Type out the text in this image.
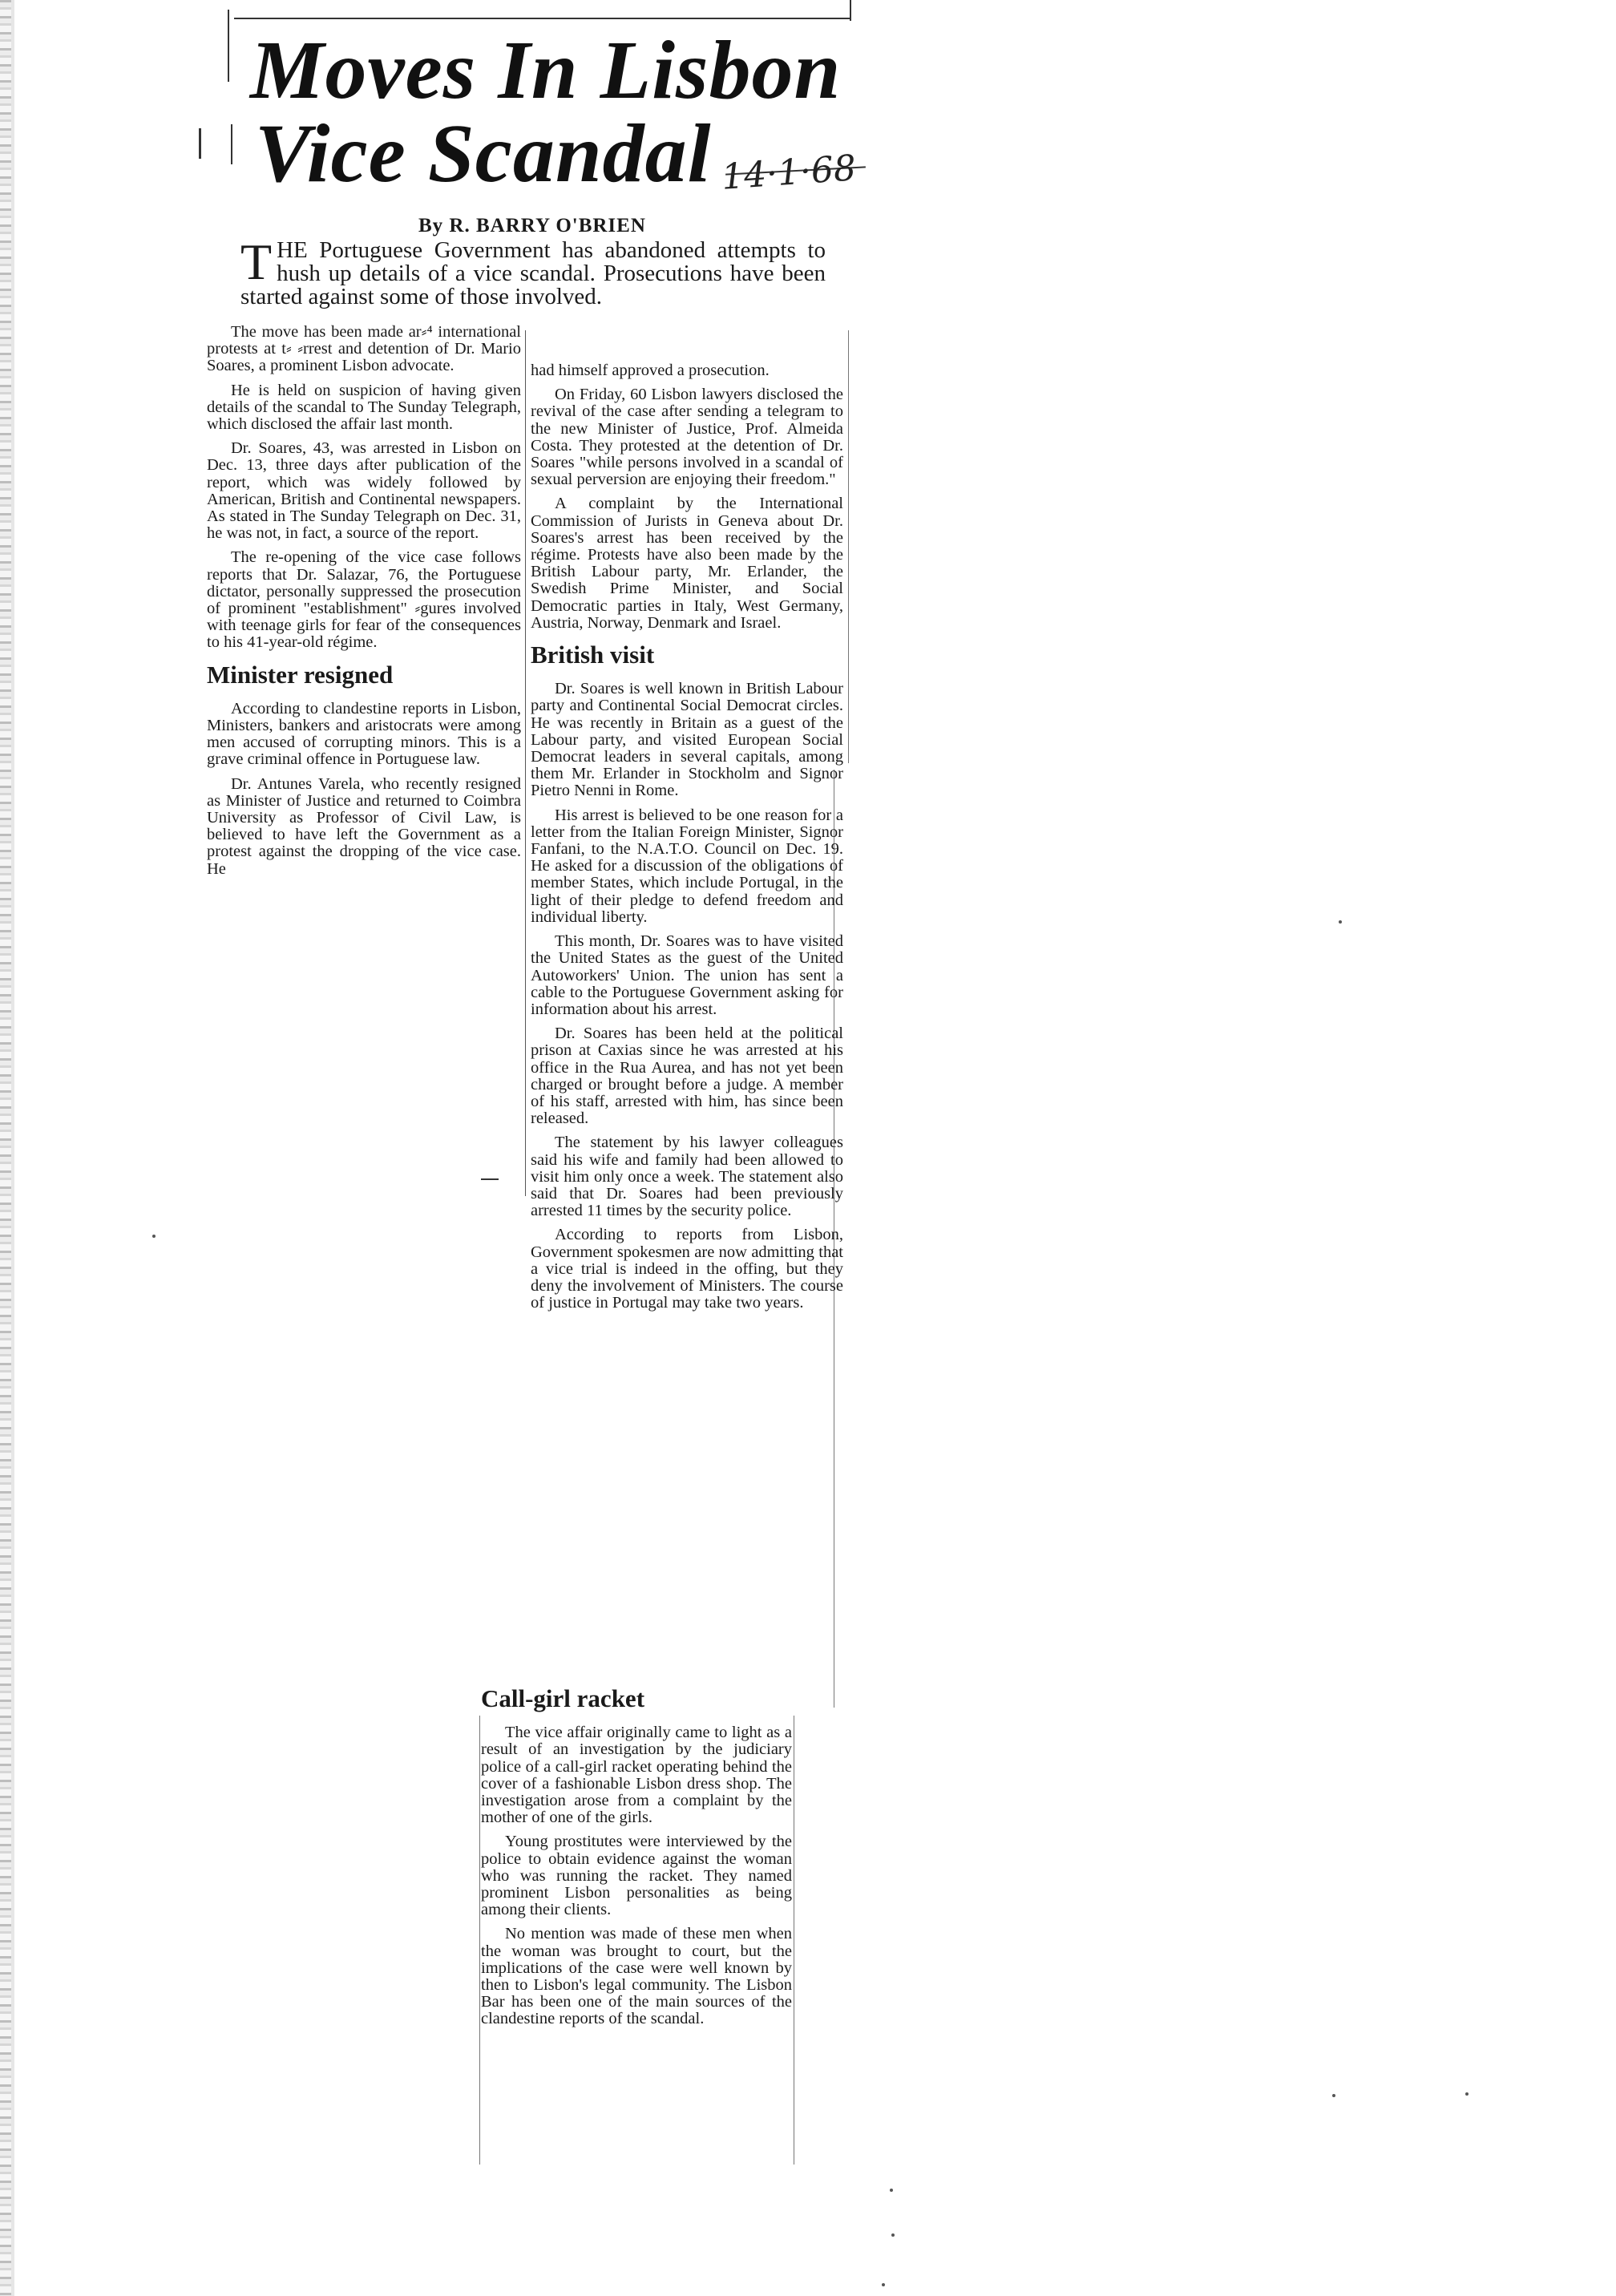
Moves In Lisbon
Vice Scandal 14·1·68
By R. BARRY O'BRIEN
THE Portuguese Government has abandoned attempts to hush up details of a vice scandal. Prosecutions have been started against some of those involved.

The move has been made ar⸗⁴ international protests at t⸗ ⸗rrest and detention of Dr. Mario Soares, a prominent Lisbon advocate.

He is held on suspicion of having given details of the scandal to The Sunday Telegraph, which disclosed the affair last month.

Dr. Soares, 43, was arrested in Lisbon on Dec. 13, three days after publication of the report, which was widely followed by American, British and Continental newspapers. As stated in The Sunday Telegraph on Dec. 31, he was not, in fact, a source of the report.

The re-opening of the vice case follows reports that Dr. Salazar, 76, the Portuguese dictator, personally suppressed the prosecution of prominent "establishment" ⸗gures involved with teenage girls for fear of the consequences to his 41-year-old régime.

Minister resigned

According to clandestine reports in Lisbon, Ministers, bankers and aristocrats were among men accused of corrupting minors. This is a grave criminal offence in Portuguese law.

Dr. Antunes Varela, who recently resigned as Minister of Justice and returned to Coimbra University as Professor of Civil Law, is believed to have left the Government as a protest against the dropping of the vice case. He

had himself approved a prosecution.

On Friday, 60 Lisbon lawyers disclosed the revival of the case after sending a telegram to the new Minister of Justice, Prof. Almeida Costa. They protested at the detention of Dr. Soares "while persons involved in a scandal of sexual perversion are enjoying their freedom."

A complaint by the International Commission of Jurists in Geneva about Dr. Soares's arrest has been received by the régime. Protests have also been made by the British Labour party, Mr. Erlander, the Swedish Prime Minister, and Social Democratic parties in Italy, West Germany, Austria, Norway, Denmark and Israel.

British visit

Dr. Soares is well known in British Labour party and Continental Social Democrat circles. He was recently in Britain as a guest of the Labour party, and visited European Social Democrat leaders in several capitals, among them Mr. Erlander in Stockholm and Signor Pietro Nenni in Rome.

His arrest is believed to be one reason for a letter from the Italian Foreign Minister, Signor Fanfani, to the N.A.T.O. Council on Dec. 19. He asked for a discussion of the obligations of member States, which include Portugal, in the light of their pledge to defend freedom and individual liberty.

This month, Dr. Soares was to have visited the United States as the guest of the United Autoworkers' Union. The union has sent a cable to the Portuguese Government asking for information about his arrest.

Dr. Soares has been held at the political prison at Caxias since he was arrested at his office in the Rua Aurea, and has not yet been charged or brought before a judge. A member of his staff, arrested with him, has since been released.

The statement by his lawyer colleagues said his wife and family had been allowed to visit him only once a week. The statement also said that Dr. Soares had been previously arrested 11 times by the security police.

According to reports from Lisbon, Government spokesmen are now admitting that a vice trial is indeed in the offing, but they deny the involvement of Ministers. The course of justice in Portugal may take two years.

Call-girl racket

The vice affair originally came to light as a result of an investigation by the judiciary police of a call-girl racket operating behind the cover of a fashionable Lisbon dress shop. The investigation arose from a complaint by the mother of one of the girls.

Young prostitutes were interviewed by the police to obtain evidence against the woman who was running the racket. They named prominent Lisbon personalities as being among their clients.

No mention was made of these men when the woman was brought to court, but the implications of the case were well known by then to Lisbon's legal community. The Lisbon Bar has been one of the main sources of the clandestine reports of the scandal.
